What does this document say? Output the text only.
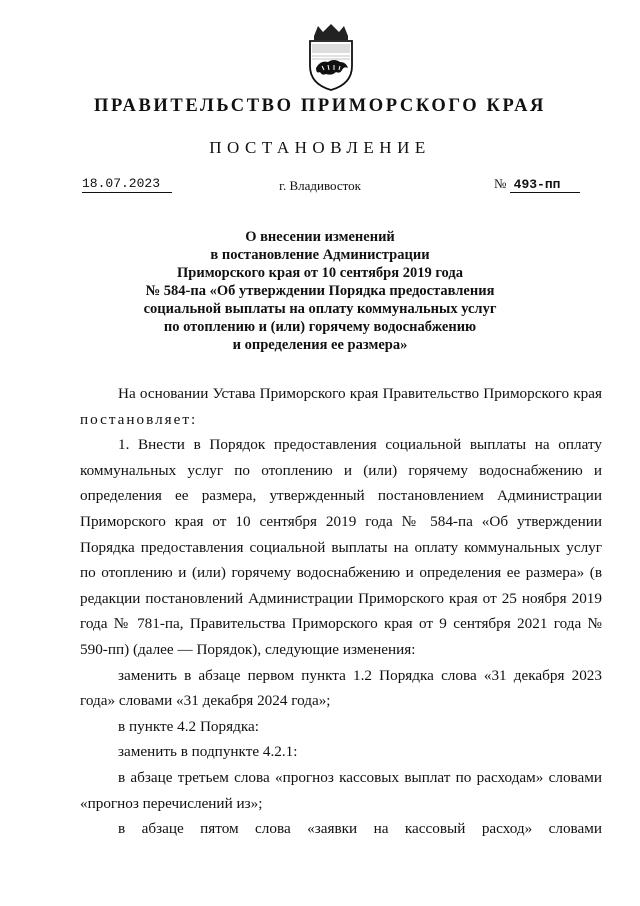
ПРАВИТЕЛЬСТВО ПРИМОРСКОГО КРАЯ
ПОСТАНОВЛЕНИЕ
18.07.2023	г. Владивосток	№ 493-пп
О внесении изменений
в постановление Администрации
Приморского края от 10 сентября 2019 года
№ 584-па «Об утверждении Порядка предоставления
социальной выплаты на оплату коммунальных услуг
по отоплению и (или) горячему водоснабжению
и определения ее размера»

На основании Устава Приморского края Правительство Приморского края постановляет:

1. Внести в Порядок предоставления социальной выплаты на оплату коммунальных услуг по отоплению и (или) горячему водоснабжению и определения ее размера, утвержденный постановлением Администрации Приморского края от 10 сентября 2019 года № 584-па «Об утверждении Порядка предоставления социальной выплаты на оплату коммунальных услуг по отоплению и (или) горячему водоснабжению и определения ее размера» (в редакции постановлений Администрации Приморского края от 25 ноября 2019 года № 781-па, Правительства Приморского края от 9 сентября 2021 года № 590-пп) (далее — Порядок), следующие изменения:

заменить в абзаце первом пункта 1.2 Порядка слова «31 декабря 2023 года» словами «31 декабря 2024 года»;

в пункте 4.2 Порядка:

заменить в подпункте 4.2.1:

в абзаце третьем слова «прогноз кассовых выплат по расходам» словами «прогноз перечислений из»;

в абзаце пятом слова «заявки на кассовый расход» словами
